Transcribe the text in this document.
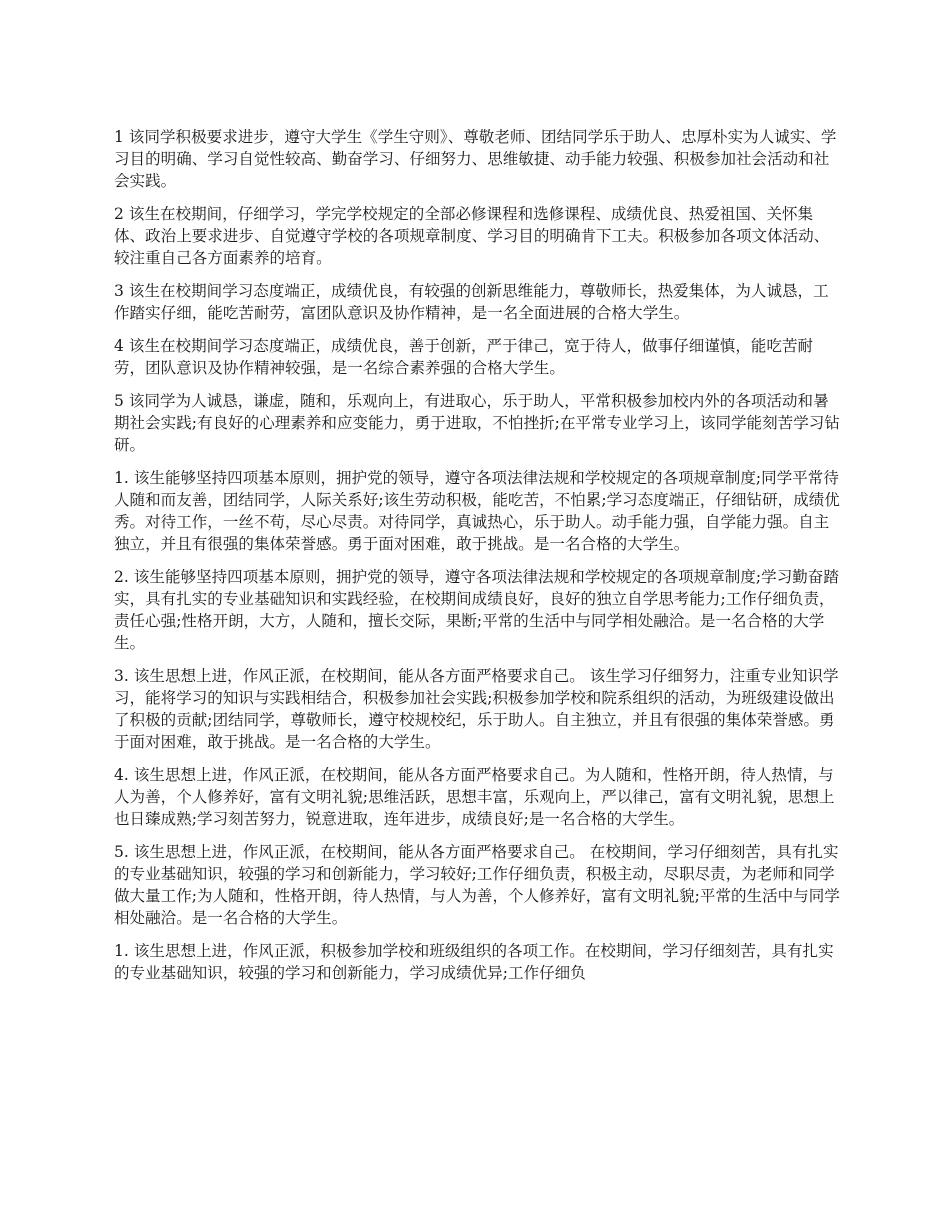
1 该同学积极要求进步，遵守大学生《学生守则》、尊敬老师、团结同学乐于助人、忠厚朴实为人诚实、学习目的明确、学习自觉性较高、勤奋学习、仔细努力、思维敏捷、动手能力较强、积极参加社会活动和社会实践。

2 该生在校期间，仔细学习，学完学校规定的全部必修课程和选修课程、成绩优良、热爱祖国、关怀集体、政治上要求进步、自觉遵守学校的各项规章制度、学习目的明确肯下工夫。积极参加各项文体活动、较注重自己各方面素养的培育。

3 该生在校期间学习态度端正，成绩优良，有较强的创新思维能力，尊敬师长，热爱集体，为人诚恳，工作踏实仔细，能吃苦耐劳，富团队意识及协作精神，是一名全面进展的合格大学生。

4 该生在校期间学习态度端正，成绩优良，善于创新，严于律己，宽于待人，做事仔细谨慎，能吃苦耐劳，团队意识及协作精神较强，是一名综合素养强的合格大学生。

5 该同学为人诚恳，谦虚，随和，乐观向上，有进取心，乐于助人，平常积极参加校内外的各项活动和暑期社会实践;有良好的心理素养和应变能力，勇于进取，不怕挫折;在平常专业学习上，该同学能刻苦学习钻研。

1. 该生能够坚持四项基本原则，拥护党的领导，遵守各项法律法规和学校规定的各项规章制度;同学平常待人随和而友善，团结同学，人际关系好;该生劳动积极，能吃苦，不怕累;学习态度端正，仔细钻研，成绩优秀。对待工作，一丝不苟，尽心尽责。对待同学，真诚热心，乐于助人。动手能力强，自学能力强。自主独立，并且有很强的集体荣誉感。勇于面对困难，敢于挑战。是一名合格的大学生。

2. 该生能够坚持四项基本原则，拥护党的领导，遵守各项法律法规和学校规定的各项规章制度;学习勤奋踏实，具有扎实的专业基础知识和实践经验，在校期间成绩良好，良好的独立自学思考能力;工作仔细负责，责任心强;性格开朗，大方，人随和，擅长交际，果断;平常的生活中与同学相处融洽。是一名合格的大学生。

3. 该生思想上进，作风正派，在校期间，能从各方面严格要求自己。 该生学习仔细努力，注重专业知识学习，能将学习的知识与实践相结合，积极参加社会实践;积极参加学校和院系组织的活动，为班级建设做出了积极的贡献;团结同学，尊敬师长，遵守校规校纪，乐于助人。自主独立，并且有很强的集体荣誉感。勇于面对困难，敢于挑战。是一名合格的大学生。

4. 该生思想上进，作风正派，在校期间，能从各方面严格要求自己。为人随和，性格开朗，待人热情，与人为善，个人修养好，富有文明礼貌;思维活跃，思想丰富，乐观向上，严以律己，富有文明礼貌，思想上也日臻成熟;学习刻苦努力，锐意进取，连年进步，成绩良好;是一名合格的大学生。

5. 该生思想上进，作风正派，在校期间，能从各方面严格要求自己。 在校期间，学习仔细刻苦，具有扎实的专业基础知识，较强的学习和创新能力，学习较好;工作仔细负责，积极主动，尽职尽责，为老师和同学做大量工作;为人随和，性格开朗，待人热情，与人为善，个人修养好，富有文明礼貌;平常的生活中与同学相处融洽。是一名合格的大学生。

1. 该生思想上进，作风正派，积极参加学校和班级组织的各项工作。在校期间，学习仔细刻苦，具有扎实的专业基础知识，较强的学习和创新能力，学习成绩优异;工作仔细负
